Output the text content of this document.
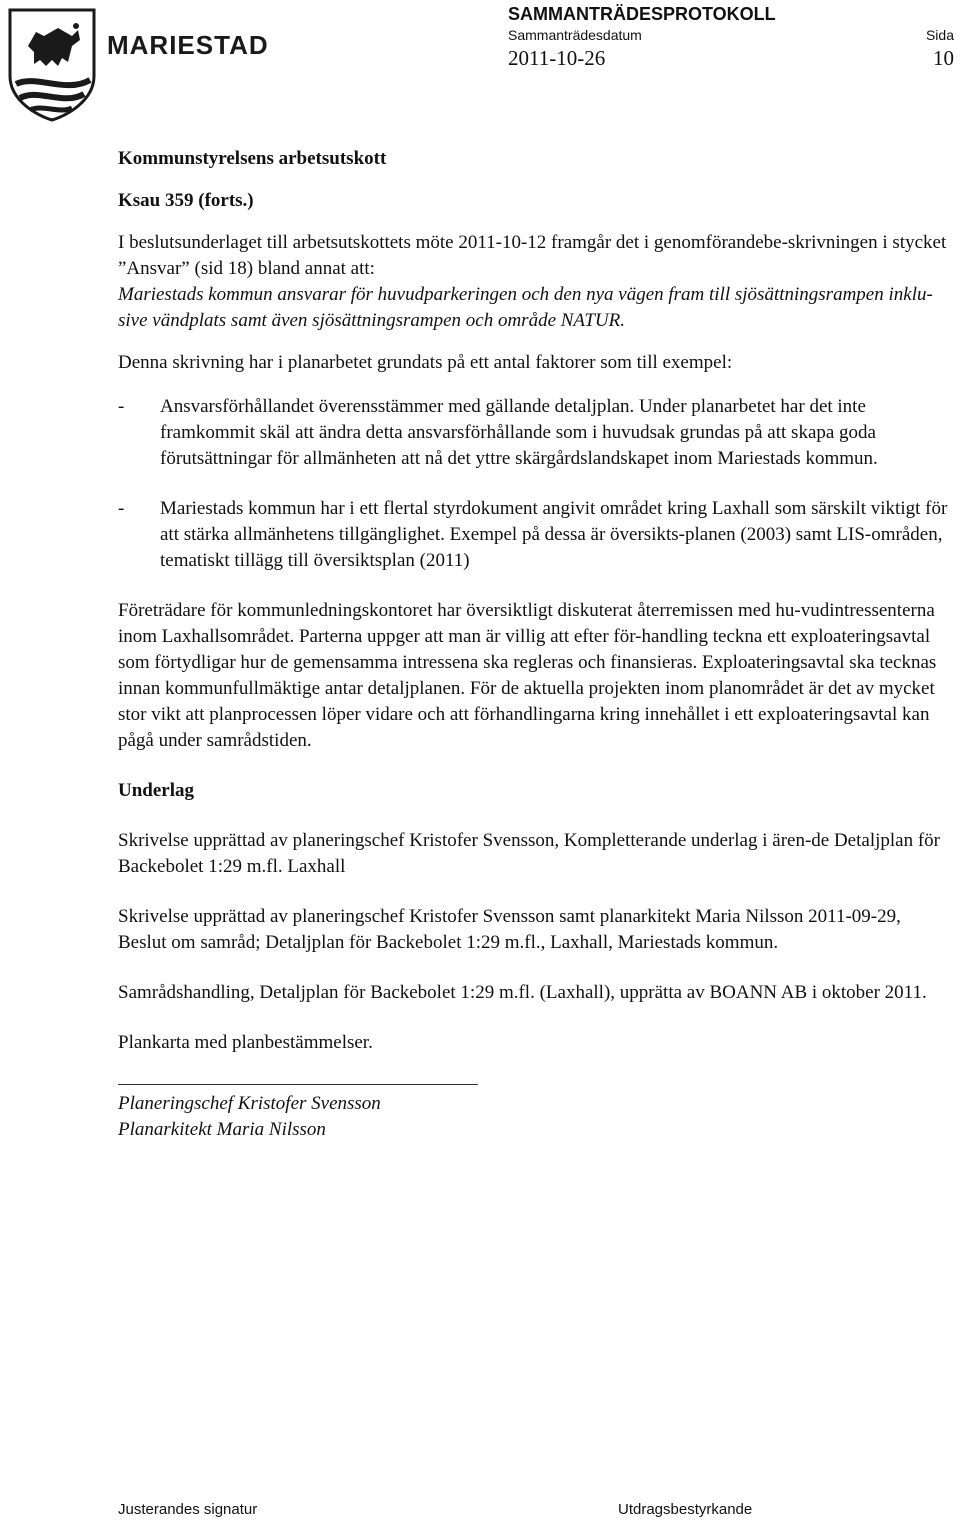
MARIESTAD
SAMMANTRÄDESPROTOKOLL
Sammanträdesdatum	Sida
2011-10-26	10

Kommunstyrelsens arbetsutskott

Ksau 359 (forts.)

I beslutsunderlaget till arbetsutskottets möte 2011-10-12 framgår det i genomförandebe-skrivningen i stycket ”Ansvar” (sid 18) bland annat att:

Mariestads kommun ansvarar för huvudparkeringen och den nya vägen fram till sjösättningsrampen inklu-sive vändplats samt även sjösättningsrampen och område NATUR.

Denna skrivning har i planarbetet grundats på ett antal faktorer som till exempel:

-	Ansvarsförhållandet överensstämmer med gällande detaljplan. Under planarbetet har det inte framkommit skäl att ändra detta ansvarsförhållande som i huvudsak grundas på att skapa goda förutsättningar för allmänheten att nå det yttre skärgårdslandskapet inom Mariestads kommun.
-	Mariestads kommun har i ett flertal styrdokument angivit området kring Laxhall som särskilt viktigt för att stärka allmänhetens tillgänglighet. Exempel på dessa är översikts-planen (2003) samt LIS-områden, tematiskt tillägg till översiktsplan (2011)

Företrädare för kommunledningskontoret har översiktligt diskuterat återremissen med hu-vudintressenterna inom Laxhallsområdet. Parterna uppger att man är villig att efter för-handling teckna ett exploateringsavtal som förtydligar hur de gemensamma intressena ska regleras och finansieras. Exploateringsavtal ska tecknas innan kommunfullmäktige antar detaljplanen. För de aktuella projekten inom planområdet är det av mycket stor vikt att planprocessen löper vidare och att förhandlingarna kring innehållet i ett exploateringsavtal kan pågå under samrådstiden.

Underlag

Skrivelse upprättad av planeringschef Kristofer Svensson, Kompletterande underlag i ären-de Detaljplan för Backebolet 1:29 m.fl. Laxhall

Skrivelse upprättad av planeringschef Kristofer Svensson samt planarkitekt Maria Nilsson 2011-09-29, Beslut om samråd; Detaljplan för Backebolet 1:29 m.fl., Laxhall, Mariestads kommun.

Samrådshandling, Detaljplan för Backebolet 1:29 m.fl. (Laxhall), upprätta av BOANN AB i oktober 2011.

Plankarta med planbestämmelser.

Planeringschef Kristofer Svensson

Planarkitekt Maria Nilsson

Justerandes signatur	Utdragsbestyrkande
